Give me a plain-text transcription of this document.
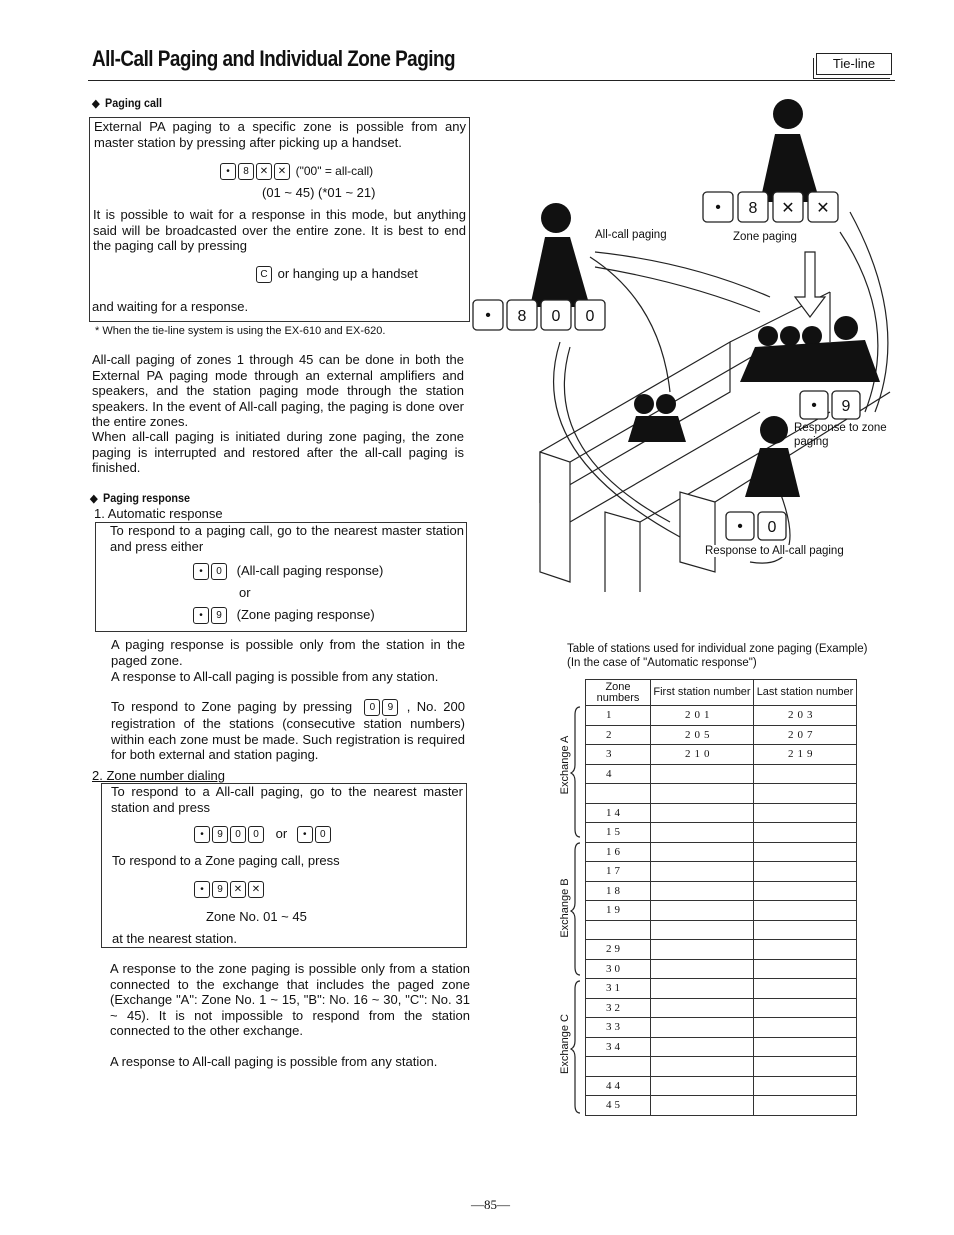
All-Call Paging and Individual Zone Paging	Tie-line
◆ Paging call
External PA paging to a specific zone is possible from any master station by pressing after picking up a handset.
• 8 ✕ ✕ ("00" = all-call)
(01 ~ 45) (*01 ~ 21)
It is possible to wait for a response in this mode, but anything said will be broadcasted over the entire zone. It is best to end the paging call by pressing
C or hanging up a handset
and waiting for a response.
* When the tie-line system is using the EX-610 and EX-620.
All-call paging of zones 1 through 45 can be done in both the External PA paging mode through an external amplifiers and speakers, and the station paging mode through the station speakers. In the event of All-call paging, the paging is done over the entire zones.
When all-call paging is initiated during zone paging, the zone paging is interrupted and restored after the all-call paging is finished.
◆ Paging response
1. Automatic response
To respond to a paging call, go to the nearest master station and press either
• 0 (All-call paging response)
or
• 9 (Zone paging response)
A paging response is possible only from the station in the paged zone.
A response to All-call paging is possible from any station.
To respond to Zone paging by pressing 0 9 , No. 200 registration of the stations (consecutive station numbers) within each zone must be made. Such registration is required for both external and station paging.
2. Zone number dialing
To respond to a All-call paging, go to the nearest master station and press
• 9 0 0 or • 0
To respond to a Zone paging call, press
• 9 ✕ ✕
Zone No. 01 ~ 45
at the nearest station.
A response to the zone paging is possible only from a station connected to the exchange that includes the paged zone (Exchange "A": Zone No. 1 ~ 15, "B": No. 16 ~ 30, "C": No. 31 ~ 45). It is not impossible to respond from the station connected to the other exchange.
A response to All-call paging is possible from any station.
• 8 ✕ ✕
• 8 0 0
• 9
• 0
All-call paging	Zone paging
Response to zone paging
Response to All-call paging
Table of stations used for individual zone paging (Example)
(In the case of "Automatic response")
Zone numbers	First station number	Last station number
1	201	203
2	205	207
3	210	219
4		

14		
15		
16		
17		
18		
19		

29		
30		
31		
32		
33		
34		

44		
45		
Exchange A
Exchange B
Exchange C
—85—
